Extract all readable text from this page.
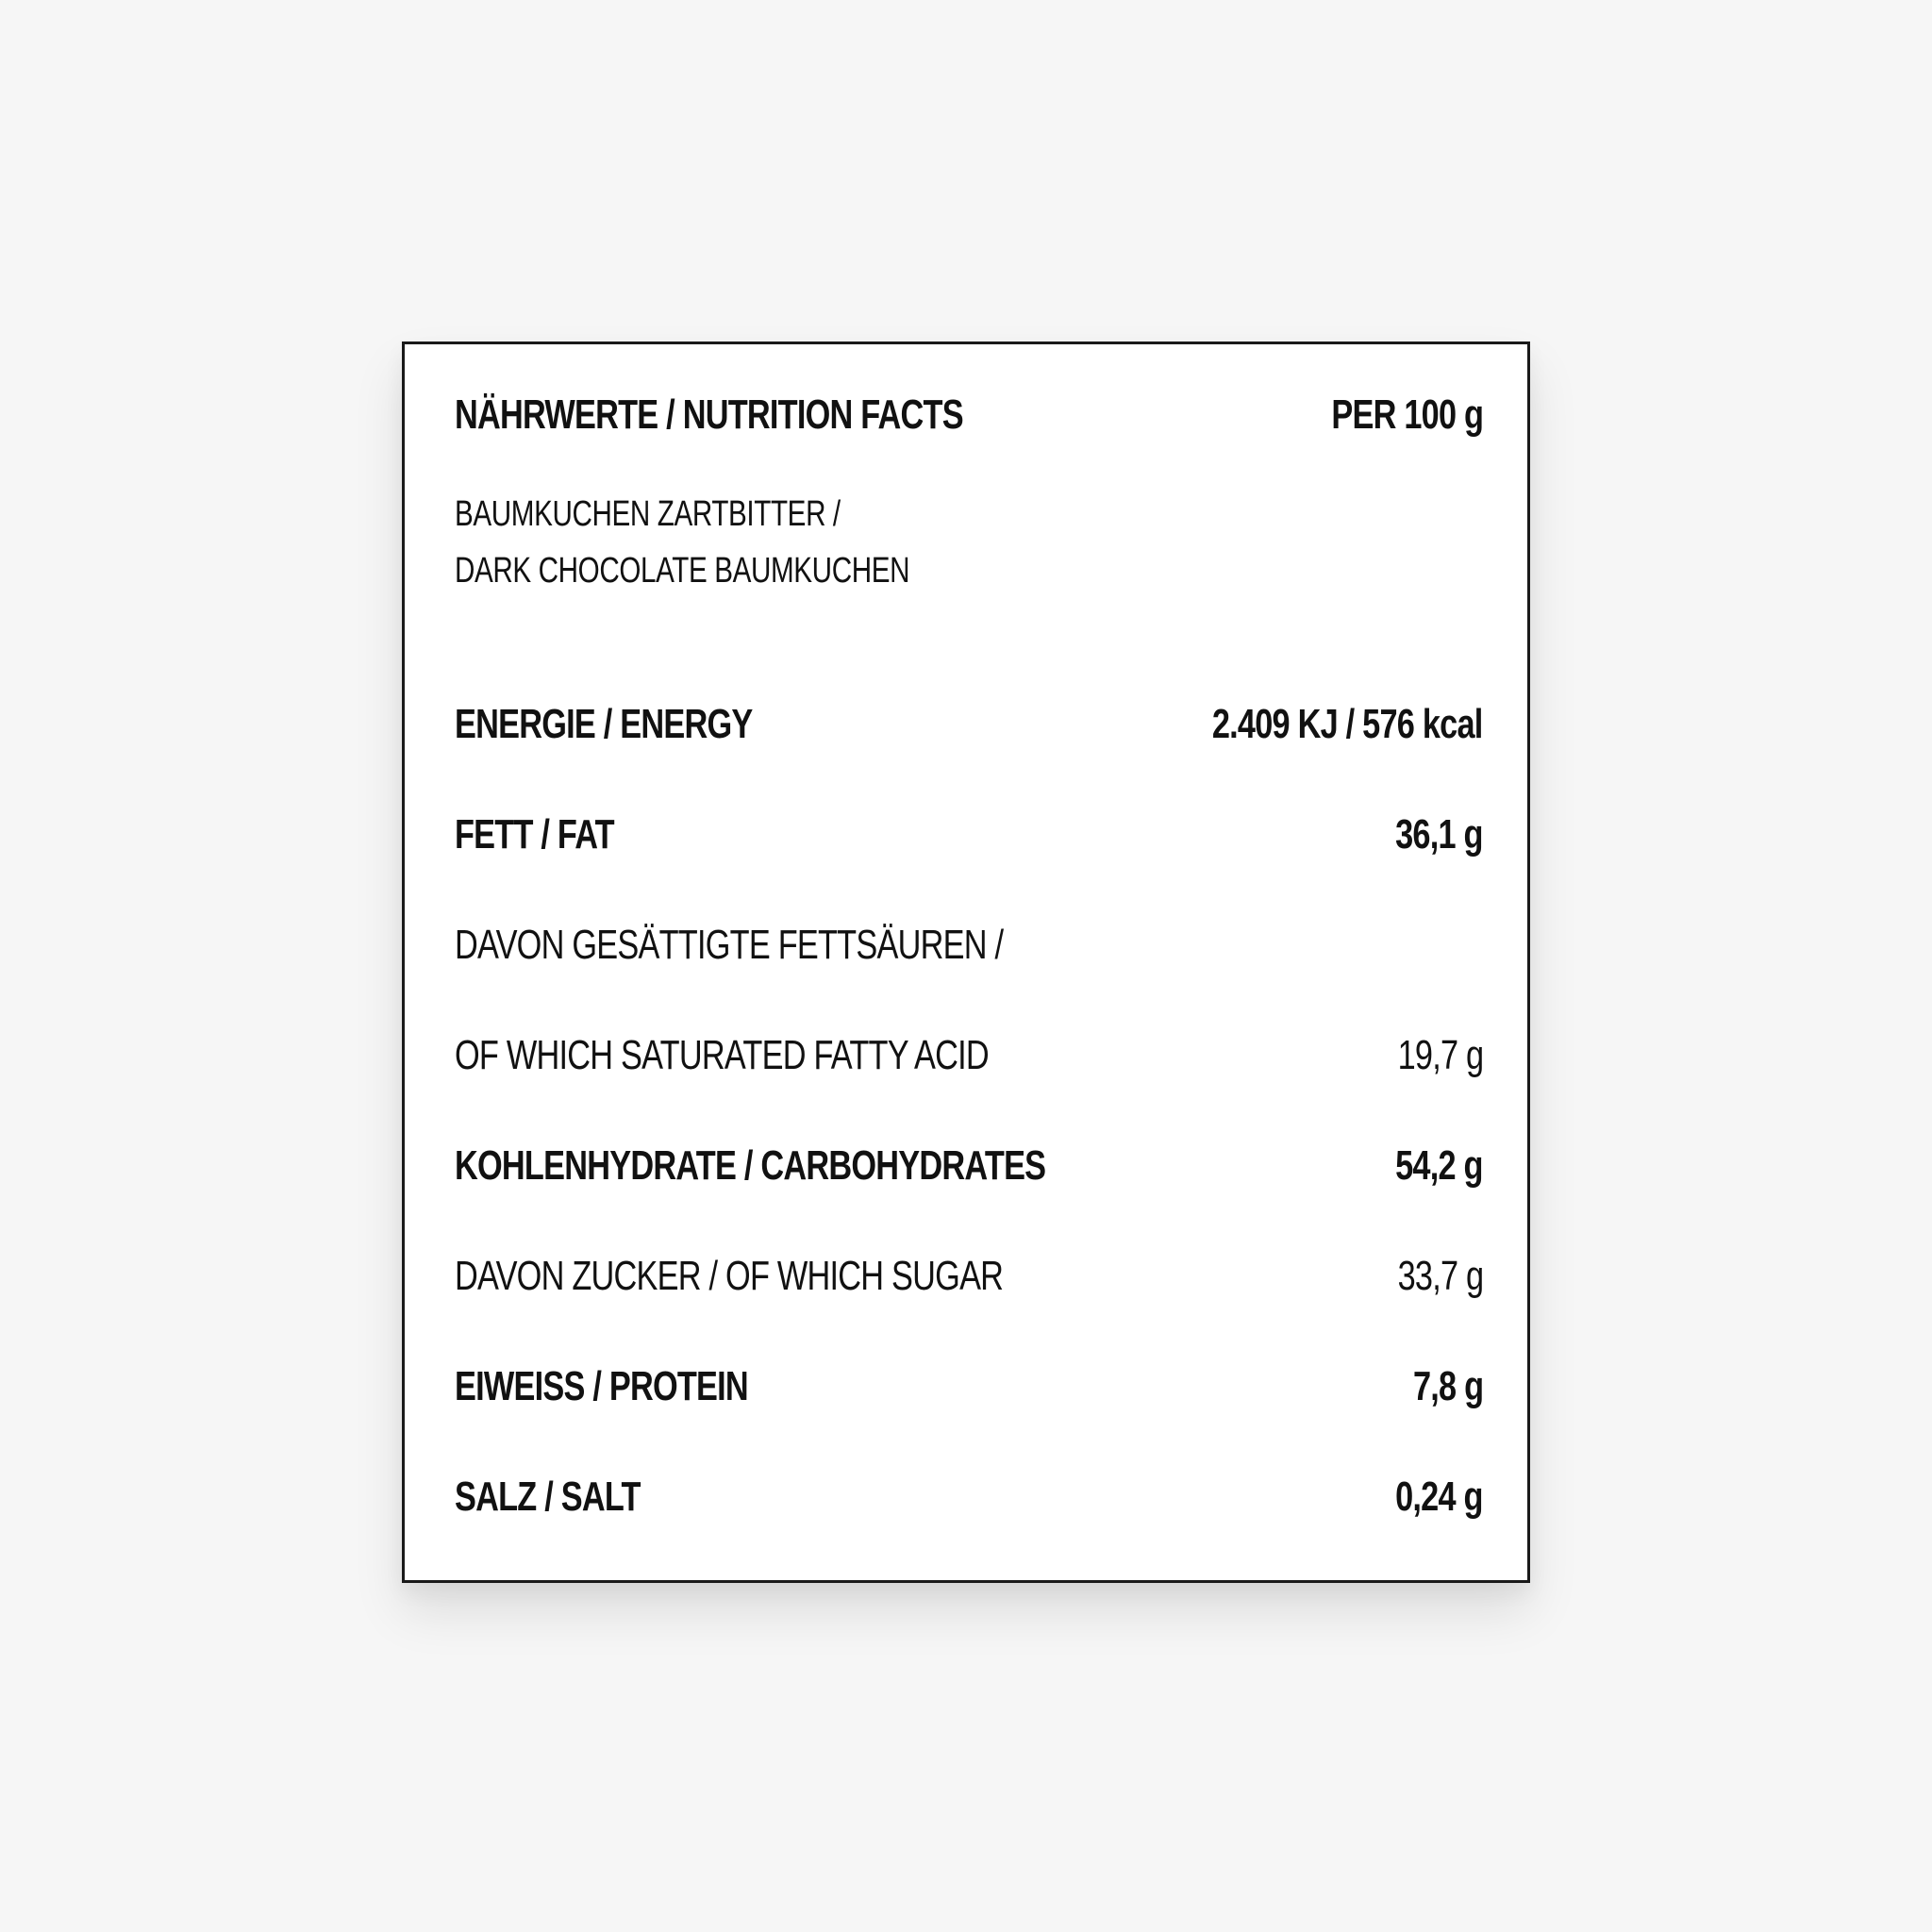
NÄHRWERTE / NUTRITION FACTS	PER 100 g
BAUMKUCHEN ZARTBITTER /
DARK CHOCOLATE BAUMKUCHEN
ENERGIE / ENERGY	2.409 KJ / 576 kcal
FETT / FAT	36,1 g
DAVON GESÄTTIGTE FETTSÄUREN /
OF WHICH SATURATED FATTY ACID	19,7 g
KOHLENHYDRATE / CARBOHYDRATES	54,2 g
DAVON ZUCKER / OF WHICH SUGAR	33,7 g
EIWEISS / PROTEIN	7,8 g
SALZ / SALT	0,24 g
